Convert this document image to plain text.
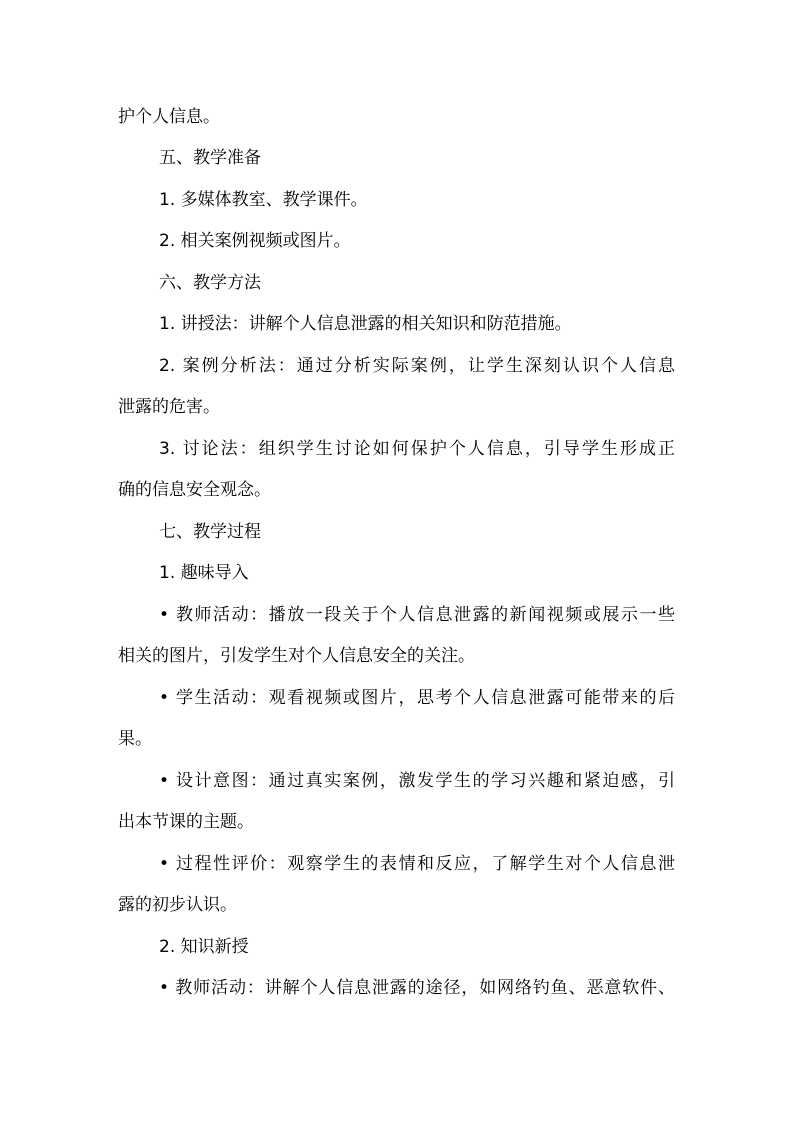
护个人信息。
五、教学准备
1. 多媒体教室、教学课件。
2. 相关案例视频或图片。
六、教学方法
1. 讲授法：讲解个人信息泄露的相关知识和防范措施。
2. 案例分析法：通过分析实际案例，让学生深刻认识个人信息
泄露的危害。
3. 讨论法：组织学生讨论如何保护个人信息，引导学生形成正
确的信息安全观念。
七、教学过程
1. 趣味导入
• 教师活动：播放一段关于个人信息泄露的新闻视频或展示一些
相关的图片，引发学生对个人信息安全的关注。
• 学生活动：观看视频或图片，思考个人信息泄露可能带来的后
果。
• 设计意图：通过真实案例，激发学生的学习兴趣和紧迫感，引
出本节课的主题。
• 过程性评价：观察学生的表情和反应，了解学生对个人信息泄
露的初步认识。
2. 知识新授
• 教师活动：讲解个人信息泄露的途径，如网络钓鱼、恶意软件、
